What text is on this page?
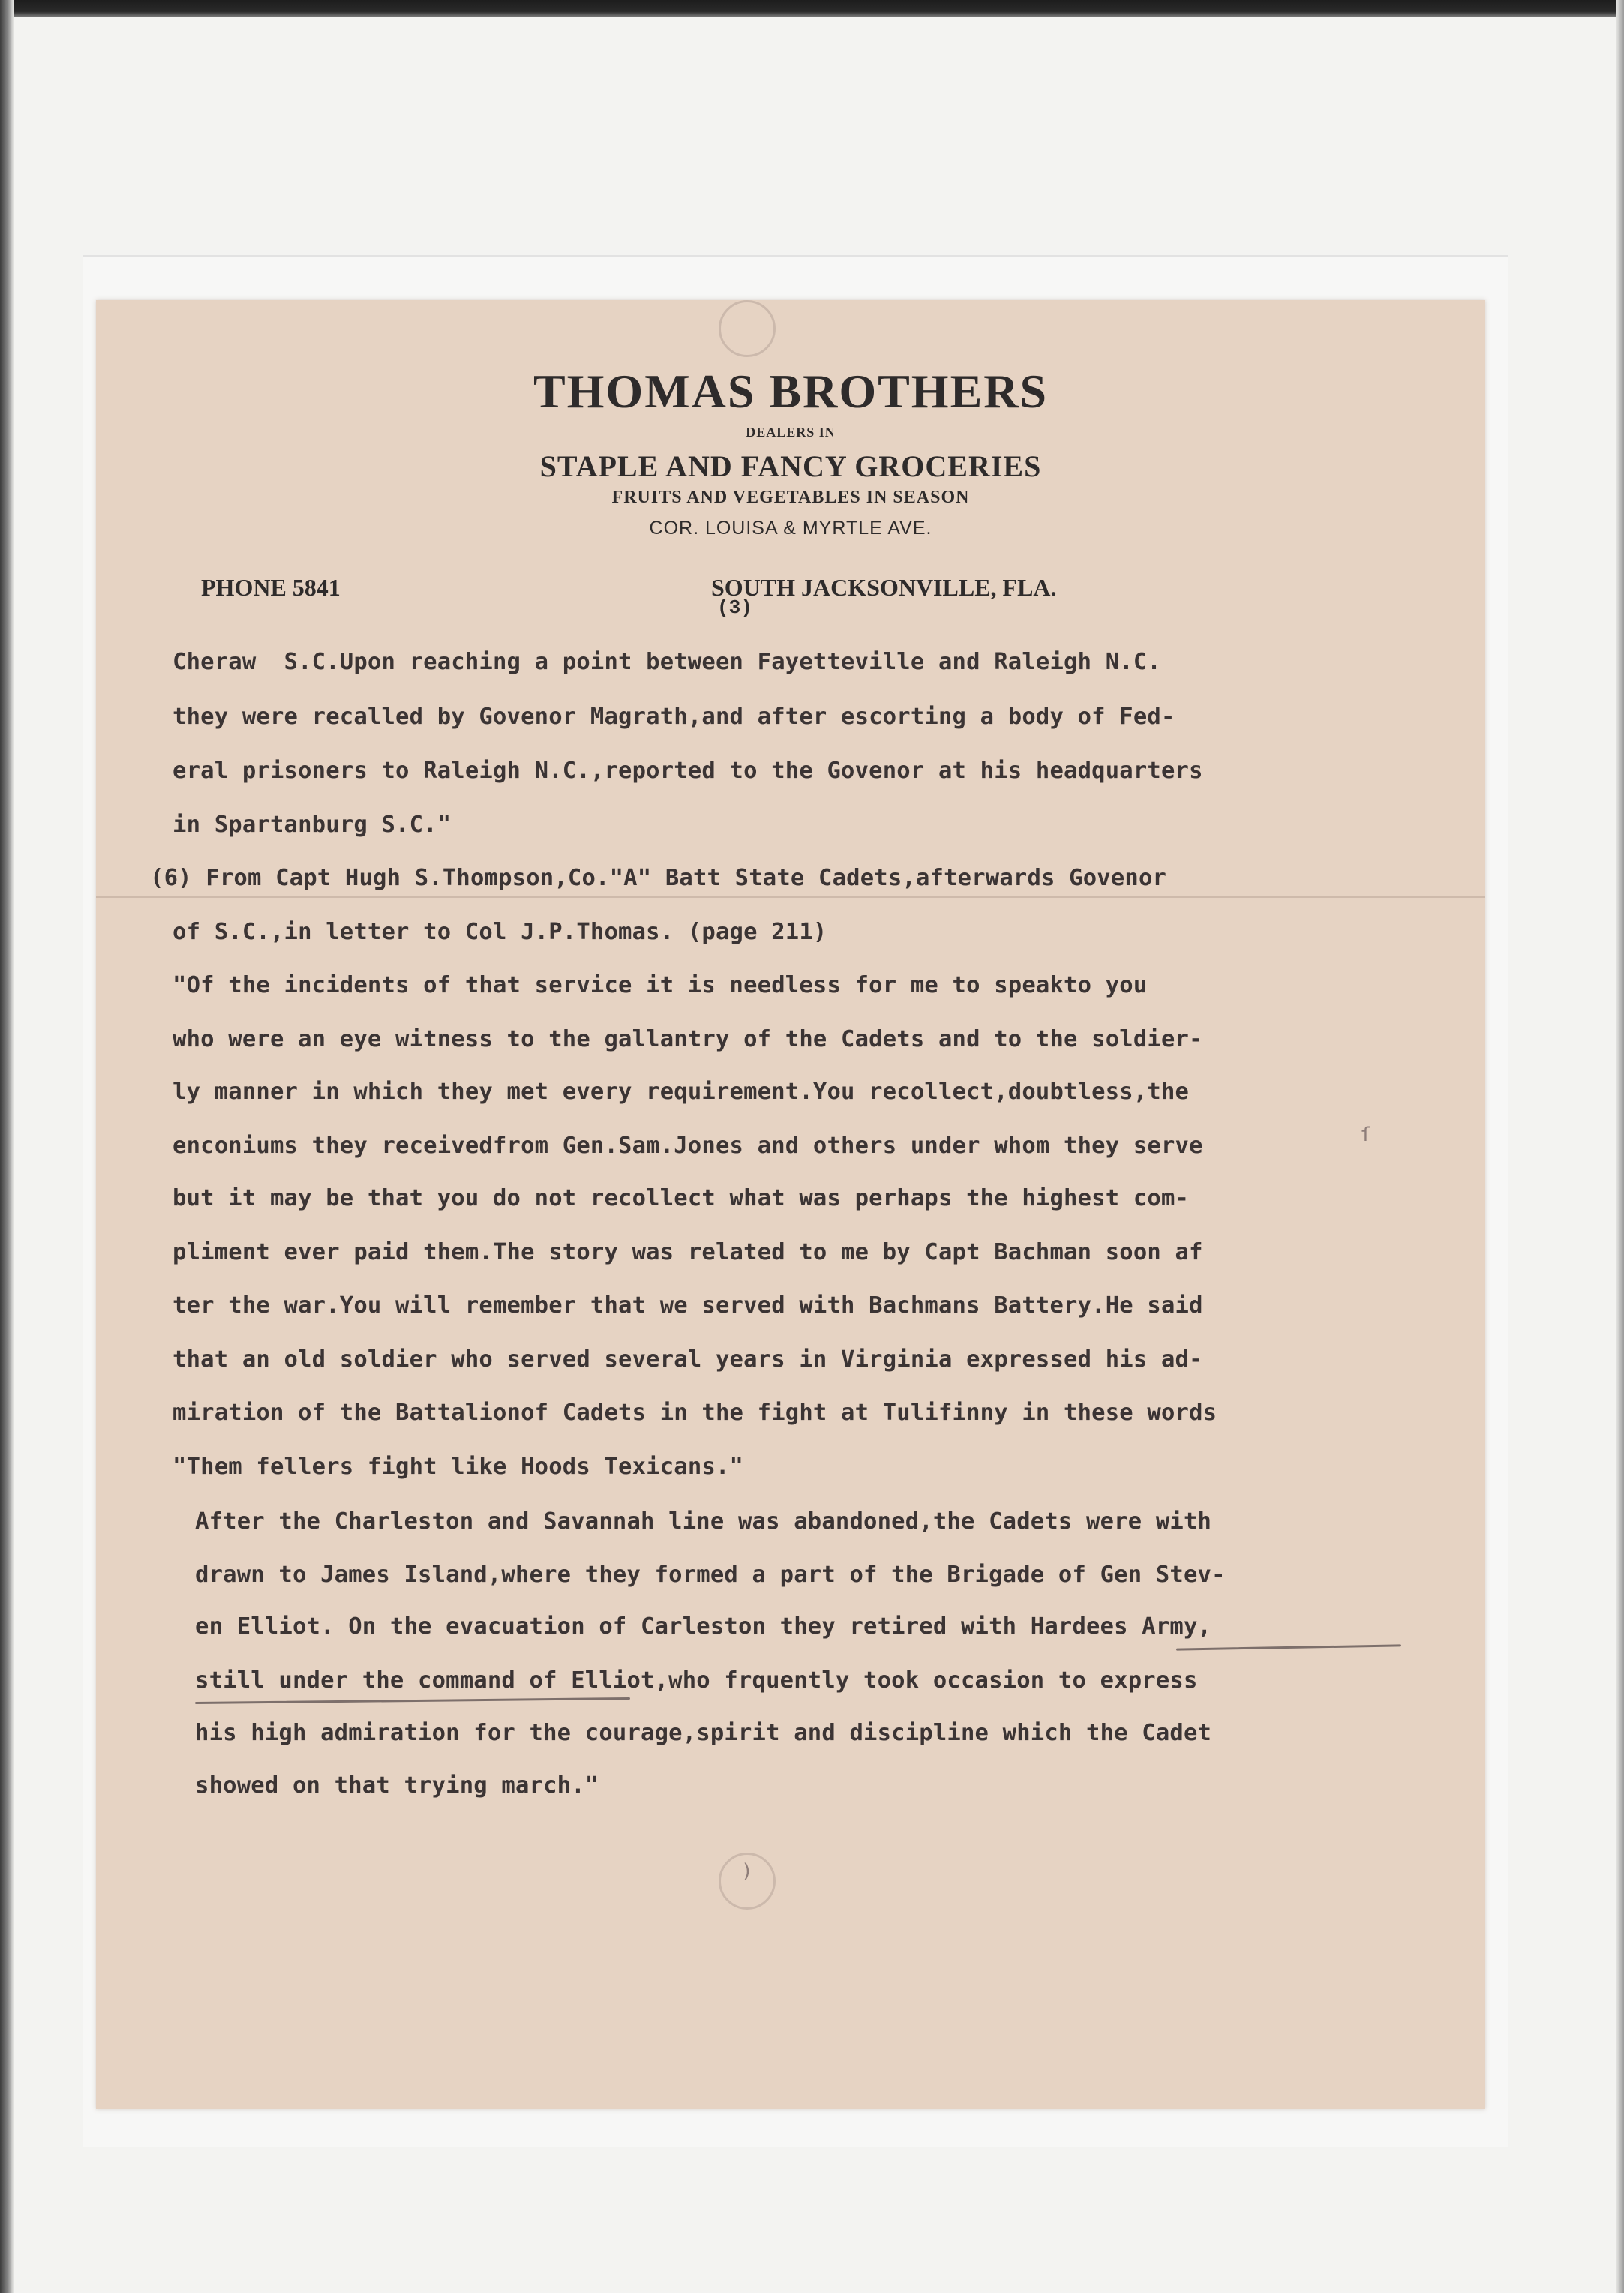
THOMAS BROTHERS
DEALERS IN
STAPLE AND FANCY GROCERIES
FRUITS AND VEGETABLES IN SEASON
COR. LOUISA & MYRTLE AVE.
PHONE 5841	SOUTH JACKSONVILLE, FLA.
(3)
Cheraw  S.C.Upon reaching a point between Fayetteville and Raleigh N.C.
they were recalled by Govenor Magrath,and after escorting a body of Fed-
eral prisoners to Raleigh N.C.,reported to the Govenor at his headquarters
in Spartanburg S.C."
(6) From Capt Hugh S.Thompson,Co."A" Batt State Cadets,afterwards Govenor
of S.C.,in letter to Col J.P.Thomas. (page 211)
"Of the incidents of that service it is needless for me to speakto you
who were an eye witness to the gallantry of the Cadets and to the soldier-
ly manner in which they met every requirement.You recollect,doubtless,the
enconiums they receivedfrom Gen.Sam.Jones and others under whom they serve
but it may be that you do not recollect what was perhaps the highest com-
pliment ever paid them.The story was related to me by Capt Bachman soon af
ter the war.You will remember that we served with Bachmans Battery.He said
that an old soldier who served several years in Virginia expressed his ad-
miration of the Battalionof Cadets in the fight at Tulifinny in these words
"Them fellers fight like Hoods Texicans."
After the Charleston and Savannah line was abandoned,the Cadets were with
drawn to James Island,where they formed a part of the Brigade of Gen Stev-
en Elliot. On the evacuation of Carleston they retired with Hardees Army,
still under the command of Elliot,who frquently took occasion to express
his high admiration for the courage,spirit and discipline which the Cadet
showed on that trying march."
ſ
)
